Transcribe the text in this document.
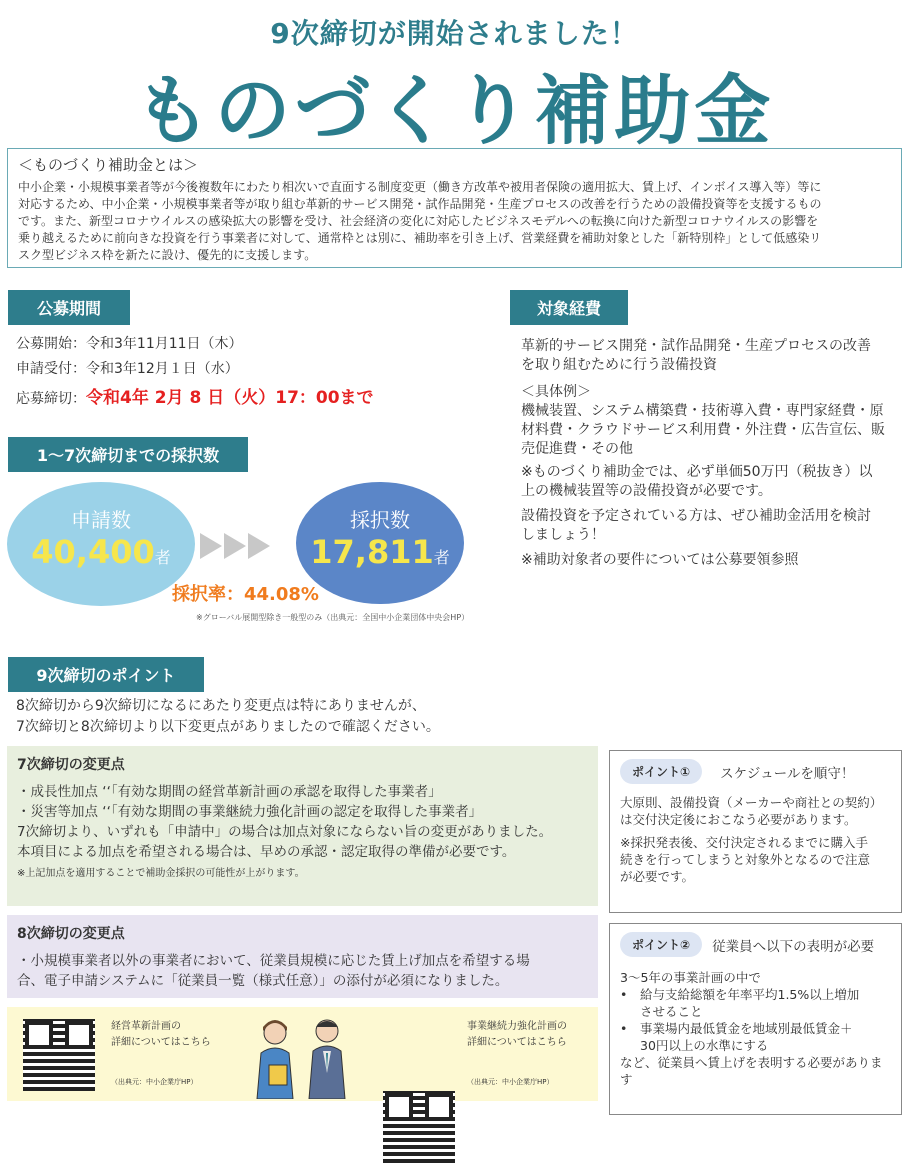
9次締切が開始されました！
ものづくり補助金
＜ものづくり補助金とは＞
中小企業・小規模事業者等が今後複数年にわたり相次いで直面する制度変更（働き方改革や被用者保険の適用拡大、賃上げ、インボイス導入等）等に
対応するため、中小企業・小規模事業者等が取り組む革新的サービス開発・試作品開発・生産プロセスの改善を行うための設備投資等を支援するもの
です。また、新型コロナウイルスの感染拡大の影響を受け、社会経済の変化に対応したビジネスモデルへの転換に向けた新型コロナウイルスの影響を
乗り越えるために前向きな投資を行う事業者に対して、通常枠とは別に、補助率を引き上げ、営業経費を補助対象とした「新特別枠」として低感染リ
スク型ビジネス枠を新たに設け、優先的に支援します。
公募期間
公募開始：令和3年11月11日（木）
申請受付：令和3年12月１日（水）
応募締切：令和4年 2月 8 日（火）17：00まで
1～7次締切までの採択数
申請数
40,400者
採択数
17,811者
採択率：44.08%
※グローバル展開型除き一般型のみ（出典元：全国中小企業団体中央会HP）
対象経費
革新的サービス開発・試作品開発・生産プロセスの改善
を取り組むために行う設備投資
＜具体例＞
機械装置、システム構築費・技術導入費・専門家経費・原
材料費・クラウドサービス利用費・外注費・広告宣伝、販
売促進費・その他
※ものづくり補助金では、必ず単価50万円（税抜き）以
上の機械装置等の設備投資が必要です。
設備投資を予定されている方は、ぜひ補助金活用を検討
しましょう！
※補助対象者の要件については公募要領参照
9次締切のポイント
8次締切から9次締切になるにあたり変更点は特にありませんが、
7次締切と8次締切より以下変更点がありましたので確認ください。
7次締切の変更点
・成長性加点 ‘‘「有効な期間の経営革新計画の承認を取得した事業者」
・災害等加点 ‘‘「有効な期間の事業継続力強化計画の認定を取得した事業者」
7次締切より、いずれも「申請中」の場合は加点対象にならない旨の変更がありました。
本項目による加点を希望される場合は、早めの承認・認定取得の準備が必要です。
※上記加点を適用することで補助金採択の可能性が上がります。
8次締切の変更点
・小規模事業者以外の事業者において、従業員規模に応じた賃上げ加点を希望する場
合、電子申請システムに「従業員一覧（様式任意）」の添付が必須になりました。
経営革新計画の
詳細についてはこちら
（出典元：中小企業庁HP）
事業継続力強化計画の
詳細についてはこちら
（出典元：中小企業庁HP）
ポイント①	スケジュールを順守！
大原則、設備投資（メーカーや商社との契約）
は交付決定後におこなう必要があります。
※採択発表後、交付決定されるまでに購入手
続きを行ってしまうと対象外となるので注意
が必要です。
ポイント②	従業員へ以下の表明が必要
3～5年の事業計画の中で
•	給与支給総額を年率平均1.5%以上増加
させること
•	事業場内最低賃金を地域別最低賃金＋
30円以上の水準にする
など、従業員へ賃上げを表明する必要がありま
す
